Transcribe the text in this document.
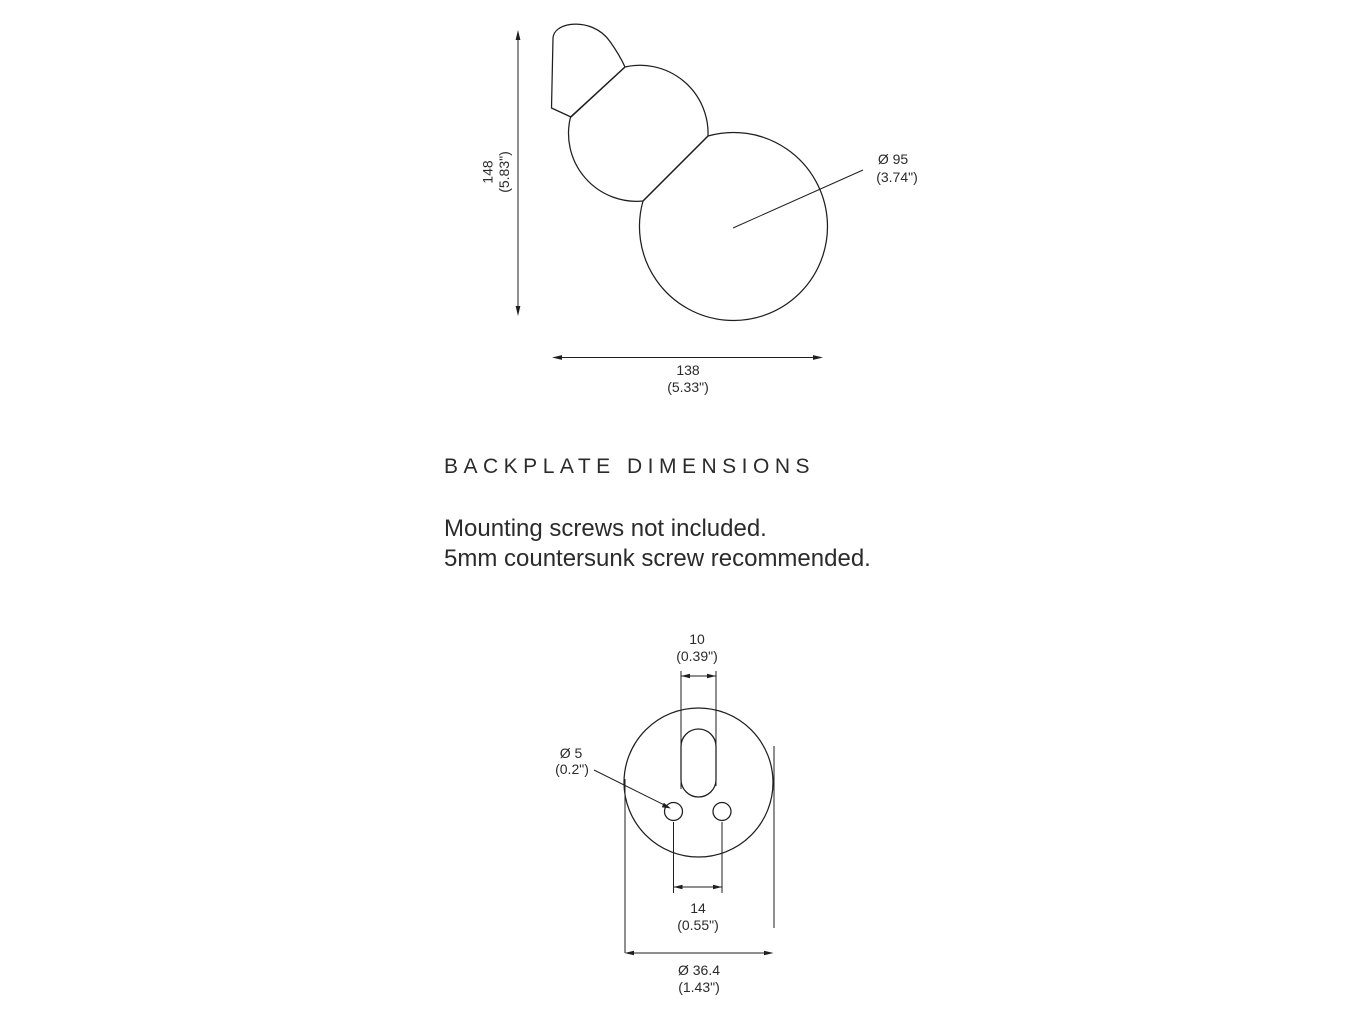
148 (5.83")
138
(5.33")
Ø 95
(3.74")
BACKPLATE DIMENSIONS
Mounting screws not included.
5mm countersunk screw recommended.
10
(0.39")
Ø 5
(0.2")
14
(0.55")
Ø 36.4
(1.43")
